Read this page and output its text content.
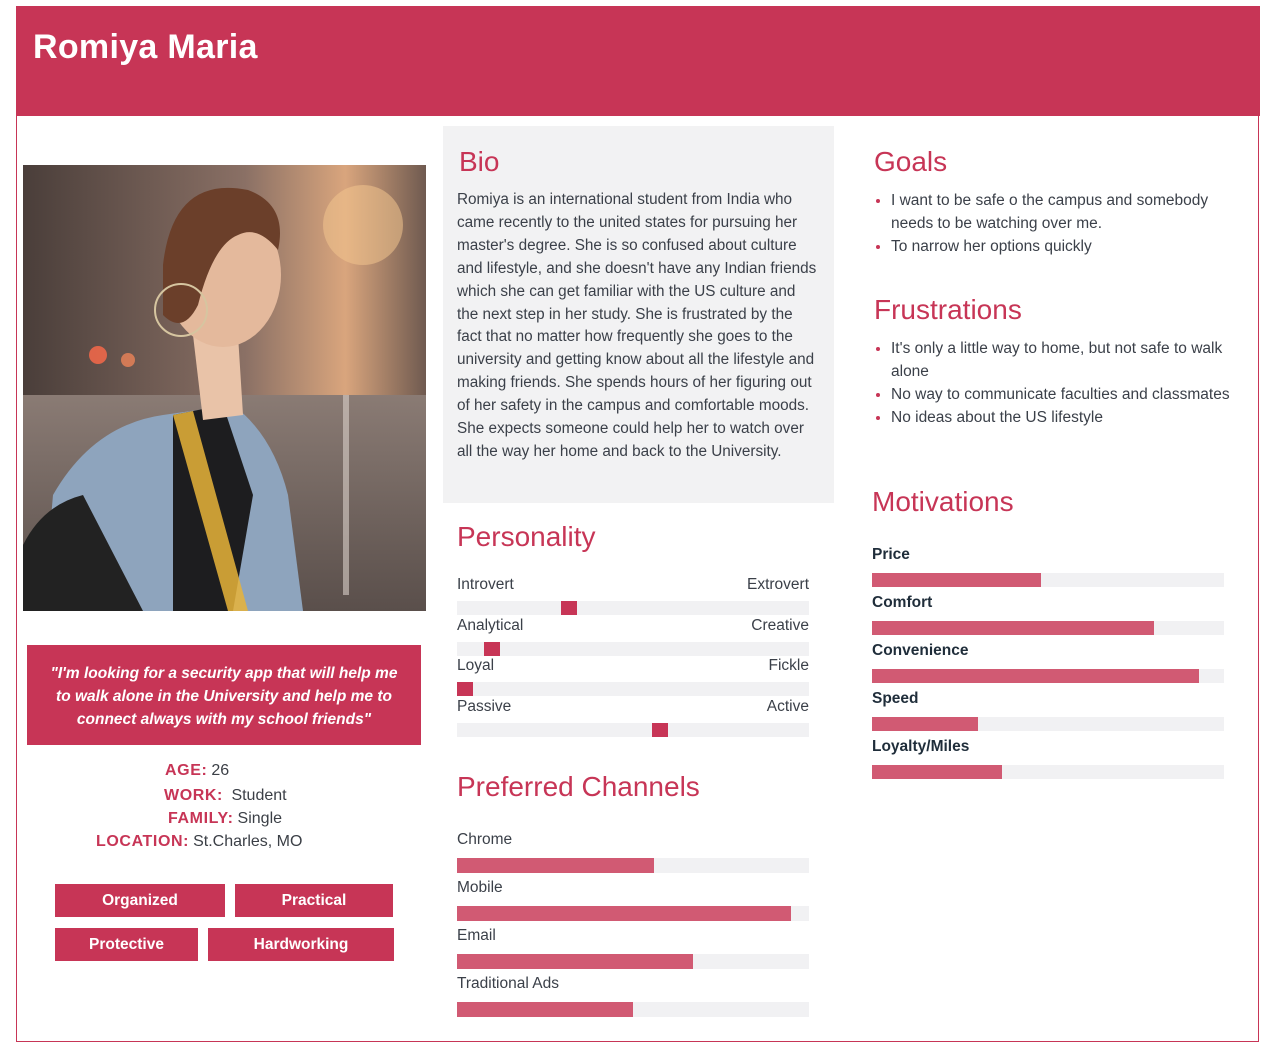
Romiya Maria
"I'm looking for a security app that will help me to walk alone in the University and help me to connect always with my school friends"
AGE: 26
WORK: Student
FAMILY: Single
LOCATION: St.Charles, MO
Organized	Practical
Protective	Hardworking
Bio
Romiya is an international student from India who came recently to the united states for pursuing her master's degree. She is so confused about culture and lifestyle, and she doesn't have any Indian friends which she can get familiar with the US culture and the next step in her study. She is frustrated by the fact that no matter how frequently she goes to the university and getting know about all the lifestyle and making friends. She spends hours of her figuring out of her safety in the campus and comfortable moods. She expects someone could help her to watch over all the way her home and back to the University.
Personality
Preferred Channels
Goals
I want to be safe o the campus and somebody needs to be watching over me.
To narrow her options quickly
Frustrations
It's only a little way to home, but not safe to walk alone
No way to communicate faculties and classmates
No ideas about the US lifestyle
Motivations
Introvert	Extrovert
Analytical	Creative
Loyal	Fickle
Passive	Active
Chrome
Mobile
Email
Traditional Ads
Price
Comfort
Convenience
Speed
Loyalty/Miles
